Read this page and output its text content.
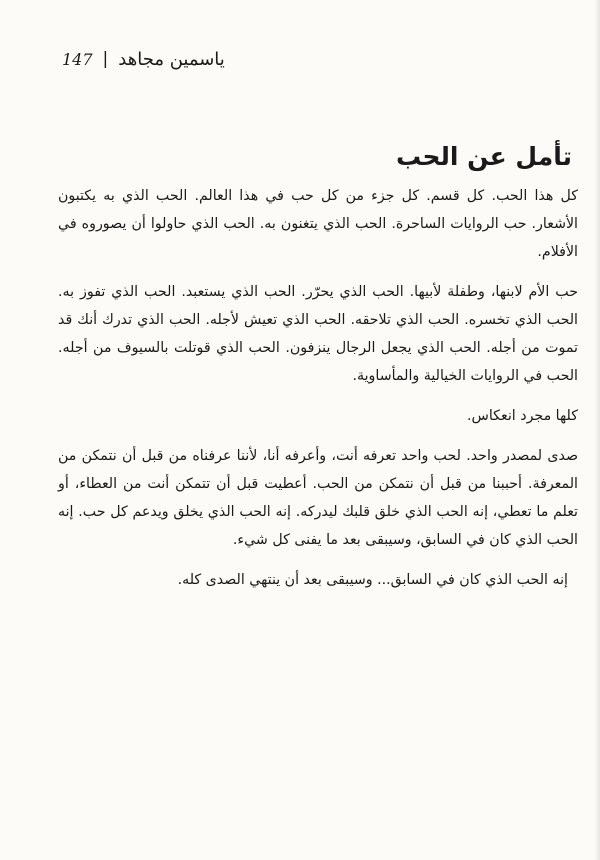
147 | ياسمين مجاهد
تأمل عن الحب

كل هذا الحب. كل قسم. كل جزء من كل حب في هذا العالم. الحب الذي به يكتبون الأشعار. حب الروايات الساحرة. الحب الذي يتغنون به. الحب الذي حاولوا أن يصوروه في الأفلام.

حب الأم لابنها، وطفلة لأبيها. الحب الذي يحرّر. الحب الذي يستعبد. الحب الذي تفوز به. الحب الذي تخسره. الحب الذي تلاحقه. الحب الذي تعيش لأجله. الحب الذي تدرك أنك قد تموت من أجله. الحب الذي يجعل الرجال ينزفون. الحب الذي قوتلت بالسيوف من أجله. الحب في الروايات الخيالية والمأساوية.

كلها مجرد انعكاس.

صدى لمصدر واحد. لحب واحد تعرفه أنت، وأعرفه أنا، لأننا عرفناه من قبل أن نتمكن من المعرفة. أحببنا من قبل أن نتمكن من الحب. أعطيت قبل أن تتمكن أنت من العطاء، أو تعلم ما تعطي، إنه الحب الذي خلق قلبك ليدركه. إنه الحب الذي يخلق ويدعم كل حب. إنه الحب الذي كان في السابق، وسيبقى بعد ما يفنى كل شيء.

إنه الحب الذي كان في السابق... وسيبقى بعد أن ينتهي الصدى كله.
